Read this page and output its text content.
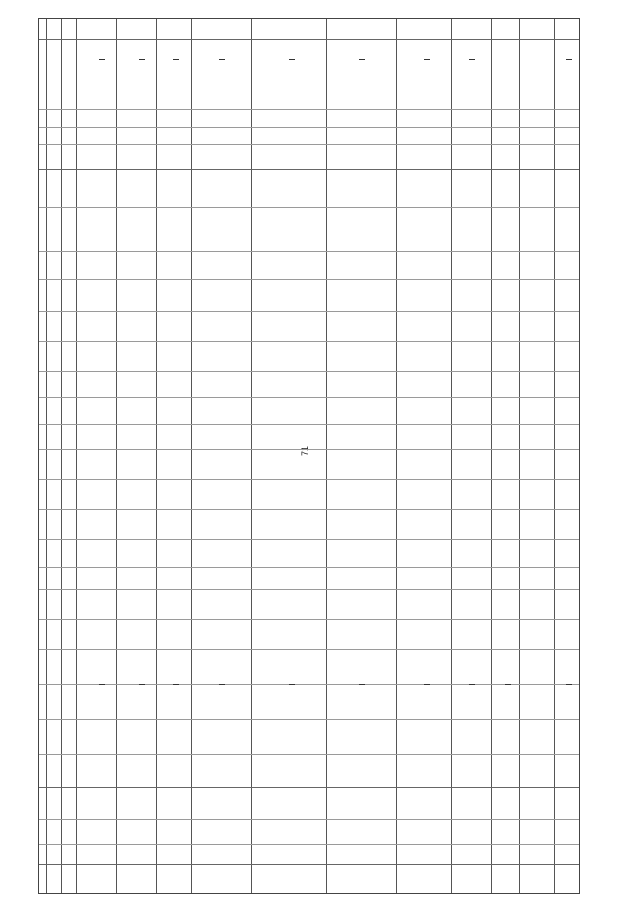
71
